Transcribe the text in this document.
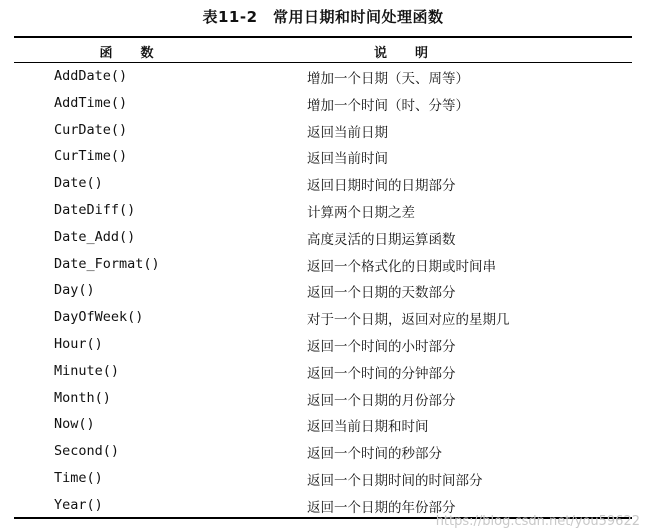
表11-2　常用日期和时间处理函数
函数	说明
AddDate()	增加一个日期（天、周等）
AddTime()	增加一个时间（时、分等）
CurDate()	返回当前日期
CurTime()	返回当前时间
Date()	返回日期时间的日期部分
DateDiff()	计算两个日期之差
Date_Add()	高度灵活的日期运算函数
Date_Format()	返回一个格式化的日期或时间串
Day()	返回一个日期的天数部分
DayOfWeek()	对于一个日期，返回对应的星期几
Hour()	返回一个时间的小时部分
Minute()	返回一个时间的分钟部分
Month()	返回一个日期的月份部分
Now()	返回当前日期和时间
Second()	返回一个时间的秒部分
Time()	返回一个日期时间的时间部分
Year()	返回一个日期的年份部分
https://blog.csdn.net/you59622
